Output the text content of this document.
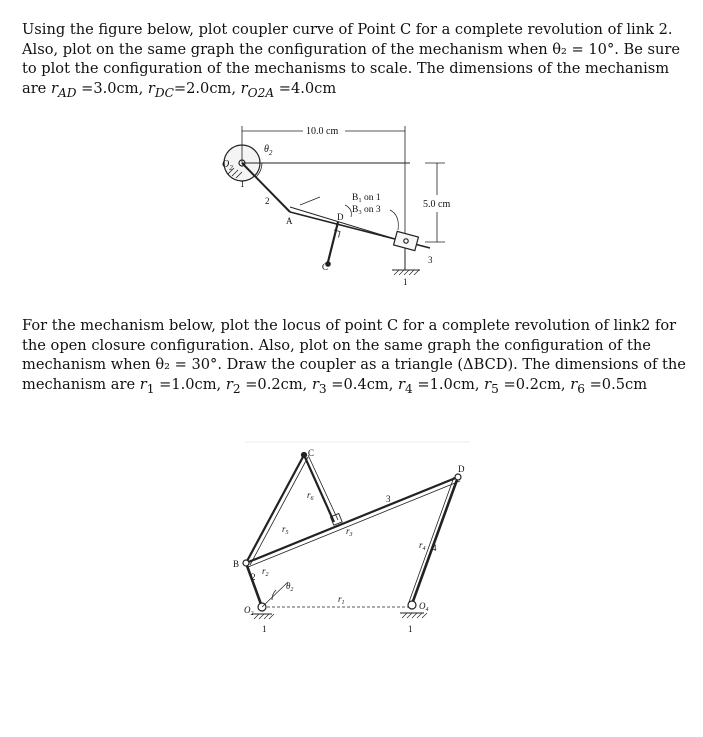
Using the figure below, plot coupler curve of Point C for a complete revolution of link 2. Also, plot on the same graph the configuration of the mechanism when θ₂ = 10°. Be sure to plot the configuration of the mechanisms to scale. The dimensions of the mechanism are $r_{AD} =3.0cm$, $r_{DC}=2.0cm$, $r_{O2A} =4.0cm$
10.0 cm
5.0 cm
$O_2$
$\theta_2$
2
1
A	D
C
3
1
$B_1$ on 1
$B_3$ on 3
For the mechanism below, plot the locus of point C for a complete revolution of link2 for the open closure configuration. Also, plot on the same graph the configuration of the mechanism when θ₂ = 30°. Draw the coupler as a triangle (ΔBCD). The dimensions of the mechanism are $r_1 =1.0cm$, $r_2 =0.2cm$, $r_3 =0.4cm$, $r_4 =1.0cm$, $r_5 =0.2cm$, $r_6 =0.5cm$
B
C
D
$r_6$
$r_5$	$r_3$
3
$r_4$ 4
$r_2$
2
$\theta_2$
$r_1$
$O_2$
$O_4$
1	1
